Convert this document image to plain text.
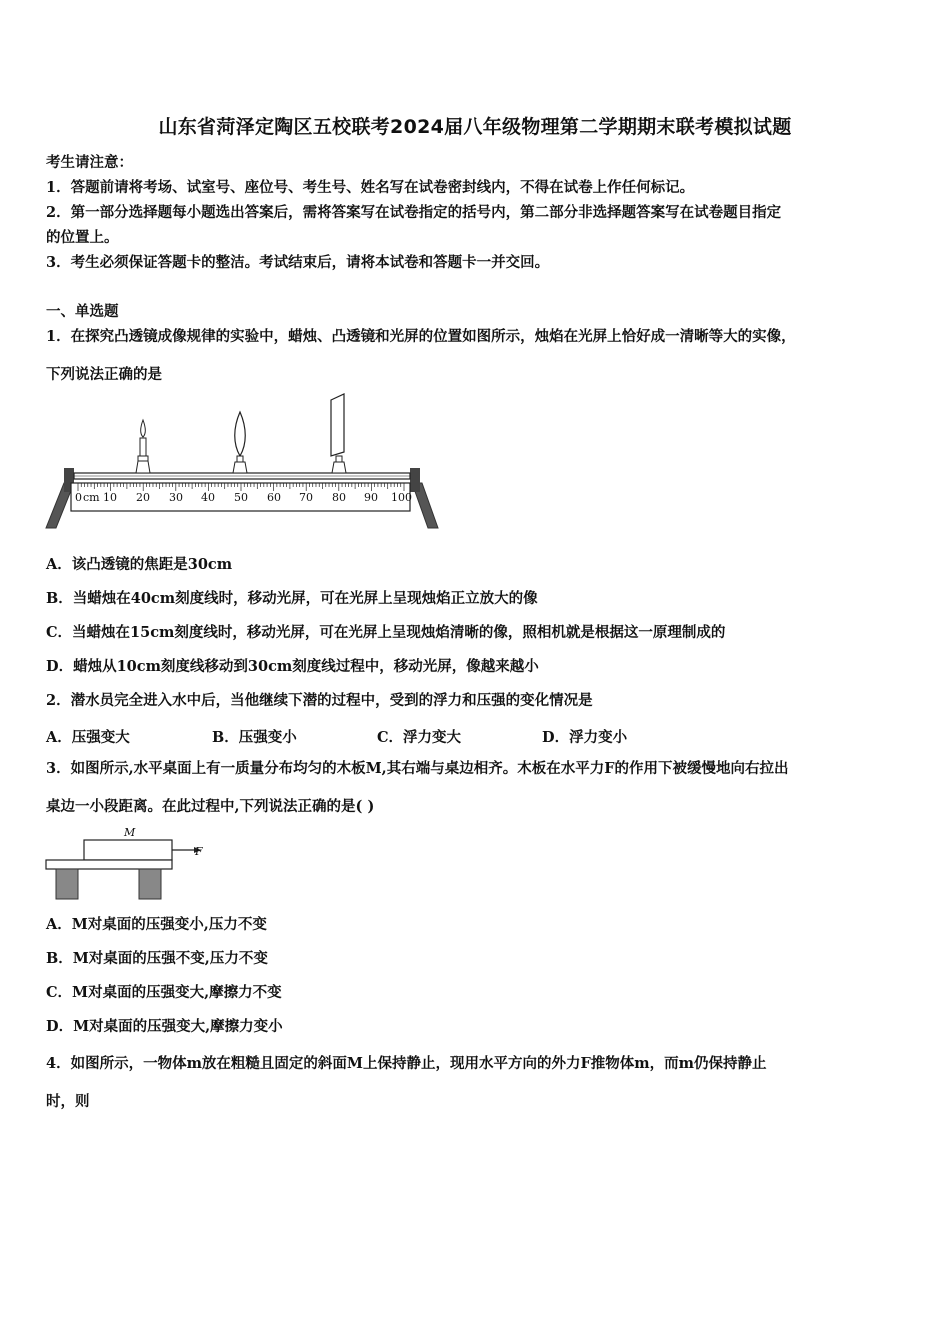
山东省菏泽定陶区五校联考2024届八年级物理第二学期期末联考模拟试题
考生请注意：
1．答题前请将考场、试室号、座位号、考生号、姓名写在试卷密封线内，不得在试卷上作任何标记。
2．第一部分选择题每小题选出答案后，需将答案写在试卷指定的括号内，第二部分非选择题答案写在试卷题目指定
的位置上。
3．考生必须保证答题卡的整洁。考试结束后，请将本试卷和答题卡一并交回。
一、单选题
1．在探究凸透镜成像规律的实验中，蜡烛、凸透镜和光屏的位置如图所示，烛焰在光屏上恰好成一清晰等大的实像，
下列说法正确的是
0 cm 10 20 30 40 50 60 70 80 90 100
A．该凸透镜的焦距是30cm
B．当蜡烛在40cm刻度线时，移动光屏，可在光屏上呈现烛焰正立放大的像
C．当蜡烛在15cm刻度线时，移动光屏，可在光屏上呈现烛焰清晰的像，照相机就是根据这一原理制成的
D．蜡烛从10cm刻度线移动到30cm刻度线过程中，移动光屏，像越来越小
2．潜水员完全进入水中后，当他继续下潜的过程中，受到的浮力和压强的变化情况是
A．压强变大	B．压强变小	C．浮力变大	D．浮力变小
3．如图所示,水平桌面上有一质量分布均匀的木板M,其右端与桌边相齐。木板在水平力F的作用下被缓慢地向右拉出
桌边一小段距离。在此过程中,下列说法正确的是( )
M
F
A．M对桌面的压强变小,压力不变
B．M对桌面的压强不变,压力不变
C．M对桌面的压强变大,摩擦力不变
D．M对桌面的压强变大,摩擦力变小
4．如图所示，一物体m放在粗糙且固定的斜面M上保持静止，现用水平方向的外力F推物体m，而m仍保持静止
时，则
